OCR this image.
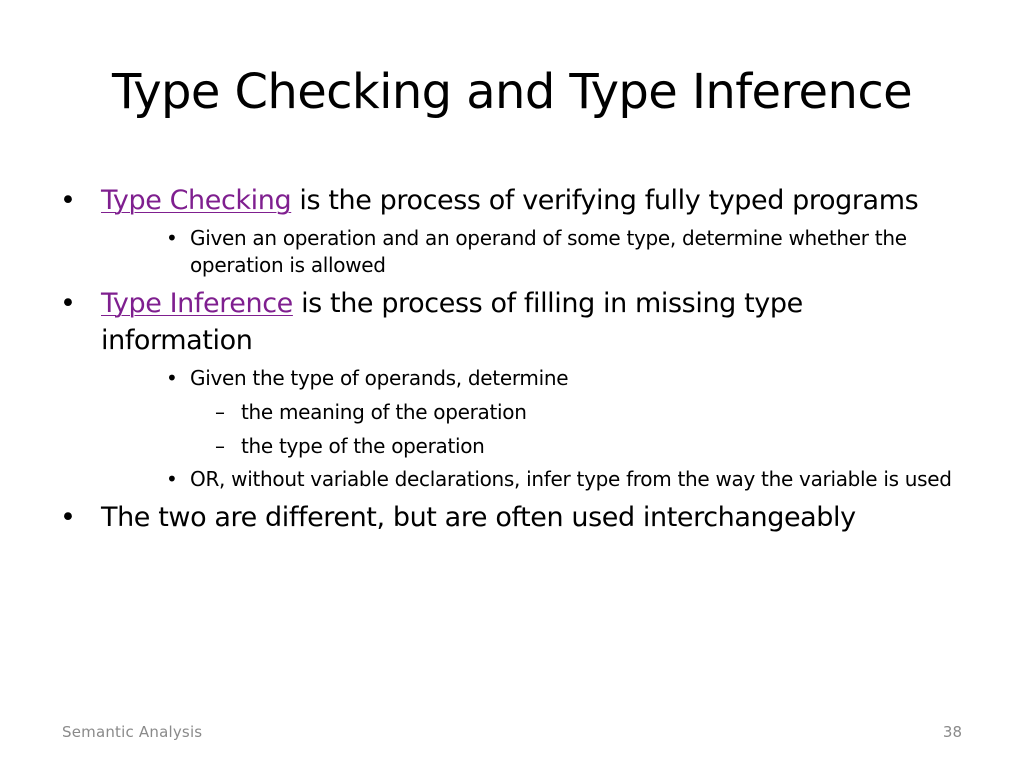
Type Checking and Type Inference
• Type Checking is the process of verifying fully typed programs
• Given an operation and an operand of some type, determine whether the operation is allowed
• Type Inference is the process of filling in missing type information
• Given the type of operands, determine
– the meaning of the operation
– the type of the operation
• OR, without variable declarations, infer type from the way the variable is used
• The two are different, but are often used interchangeably
Semantic Analysis	38
